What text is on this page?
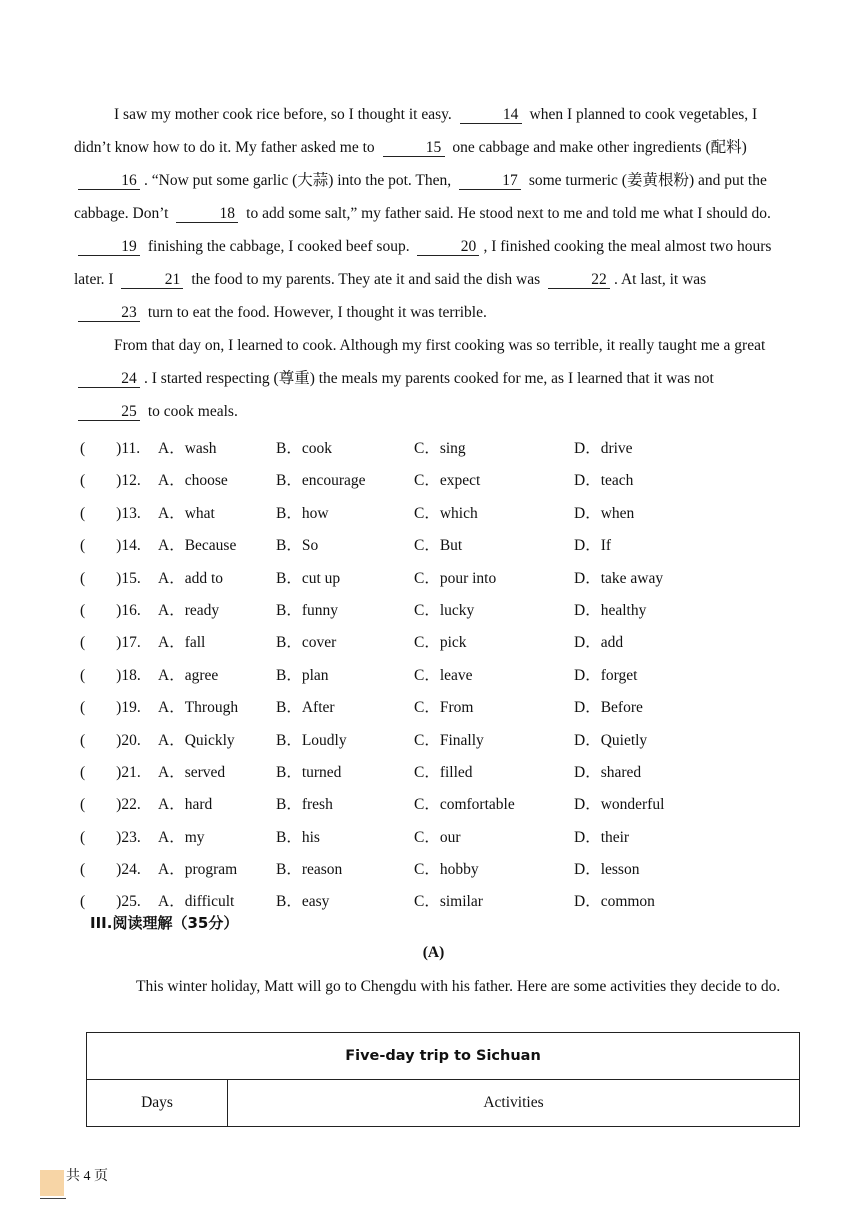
I saw my mother cook rice before, so I thought it easy.	14 when I planned to cook vegetables, I didn’t know how to do it. My father asked me to	15 one cabbage and make other ingredients (配料) 16 . “Now put some garlic (大蒜) into the pot. Then,	17 some turmeric (姜黄根粉) and put the cabbage. Don’t	18 to add some salt,” my father said. He stood next to me and told me what I should do. 19 finishing the cabbage, I cooked beef soup.	20 , I finished cooking the meal almost two hours later. I	21 the food to my parents. They ate it and said the dish was	22 . At last, it was 23 turn to eat the food. However, I thought it was terrible.

From that day on, I learned to cook. Although my first cooking was so terrible, it really taught me a great 24 . I started respecting (尊重) the meals my parents cooked for me, as I learned that it was not 25 to cook meals.

(　　)11. A．wash	B．cook	C．sing	D．drive
(　　)12. A．choose	B．encourage	C．expect	D．teach
(　　)13. A．what	B．how	C．which	D．when
(　　)14. A．Because	B．So	C．But	D．If
(　　)15. A．add to	B．cut up	C．pour into	D．take away
(　　)16. A．ready	B．funny	C．lucky	D．healthy
(　　)17. A．fall	B．cover	C．pick	D．add
(　　)18. A．agree	B．plan	C．leave	D．forget
(　　)19. A．Through B．After	C．From	D．Before
(　　)20. A．Quickly	B．Loudly	C．Finally	D．Quietly
(　　)21. A．served	B．turned	C．filled	D．shared
(　　)22. A．hard	B．fresh	C．comfortable	D．wonderful
(　　)23. A．my	B．his	C．our	D．their
(　　)24. A．program	B．reason	C．hobby	D．lesson
(　　)25. A．difficult	B．easy	C．similar	D．common
III.阅读理解（35分）
(A)

This winter holiday, Matt will go to Chengdu with his father. Here are some activities they decide to do.

Five-day trip to Sichuan
Days	Activities
共 4 页
